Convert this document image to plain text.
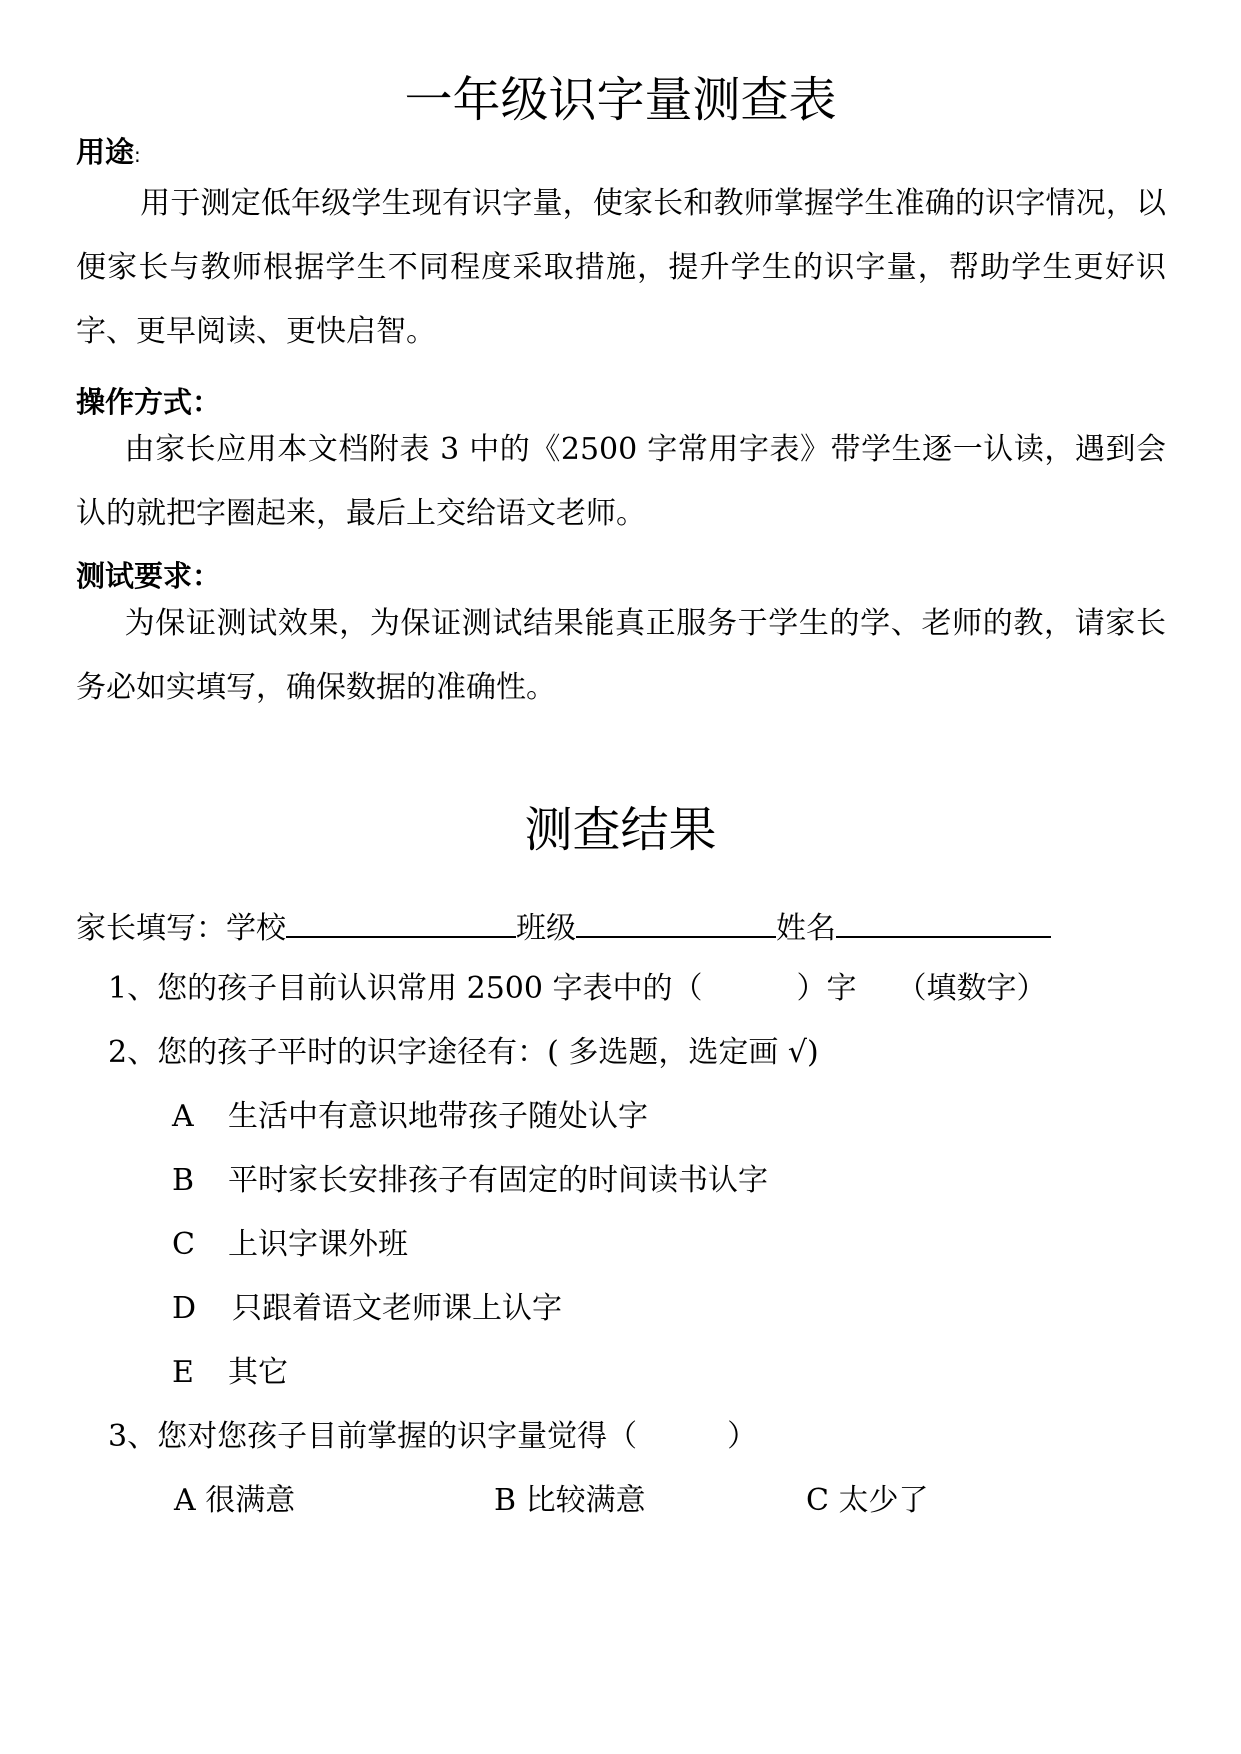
一年级识字量测查表
用途:
用于测定低年级学生现有识字量，使家长和教师掌握学生准确的识字情况，以便家长与教师根据学生不同程度采取措施，提升学生的识字量，帮助学生更好识字、更早阅读、更快启智。
操作方式：
由家长应用本文档附表 3 中的《2500 字常用字表》带学生逐一认读，遇到会认的就把字圈起来，最后上交给语文老师。
测试要求：
为保证测试效果，为保证测试结果能真正服务于学生的学、老师的教，请家长务必如实填写，确保数据的准确性。
测查结果
家长填写：学校	班级	姓名
1、您的孩子目前认识常用 2500 字表中的（	）字 （填数字）
2、您的孩子平时的识字途径有：( 多选题，选定画 √)
A 生活中有意识地带孩子随处认字
B 平时家长安排孩子有固定的时间读书认字
C 上识字课外班
D 只跟着语文老师课上认字
E 其它
3、您对您孩子目前掌握的识字量觉得（	）
A 很满意	B 比较满意	C 太少了
